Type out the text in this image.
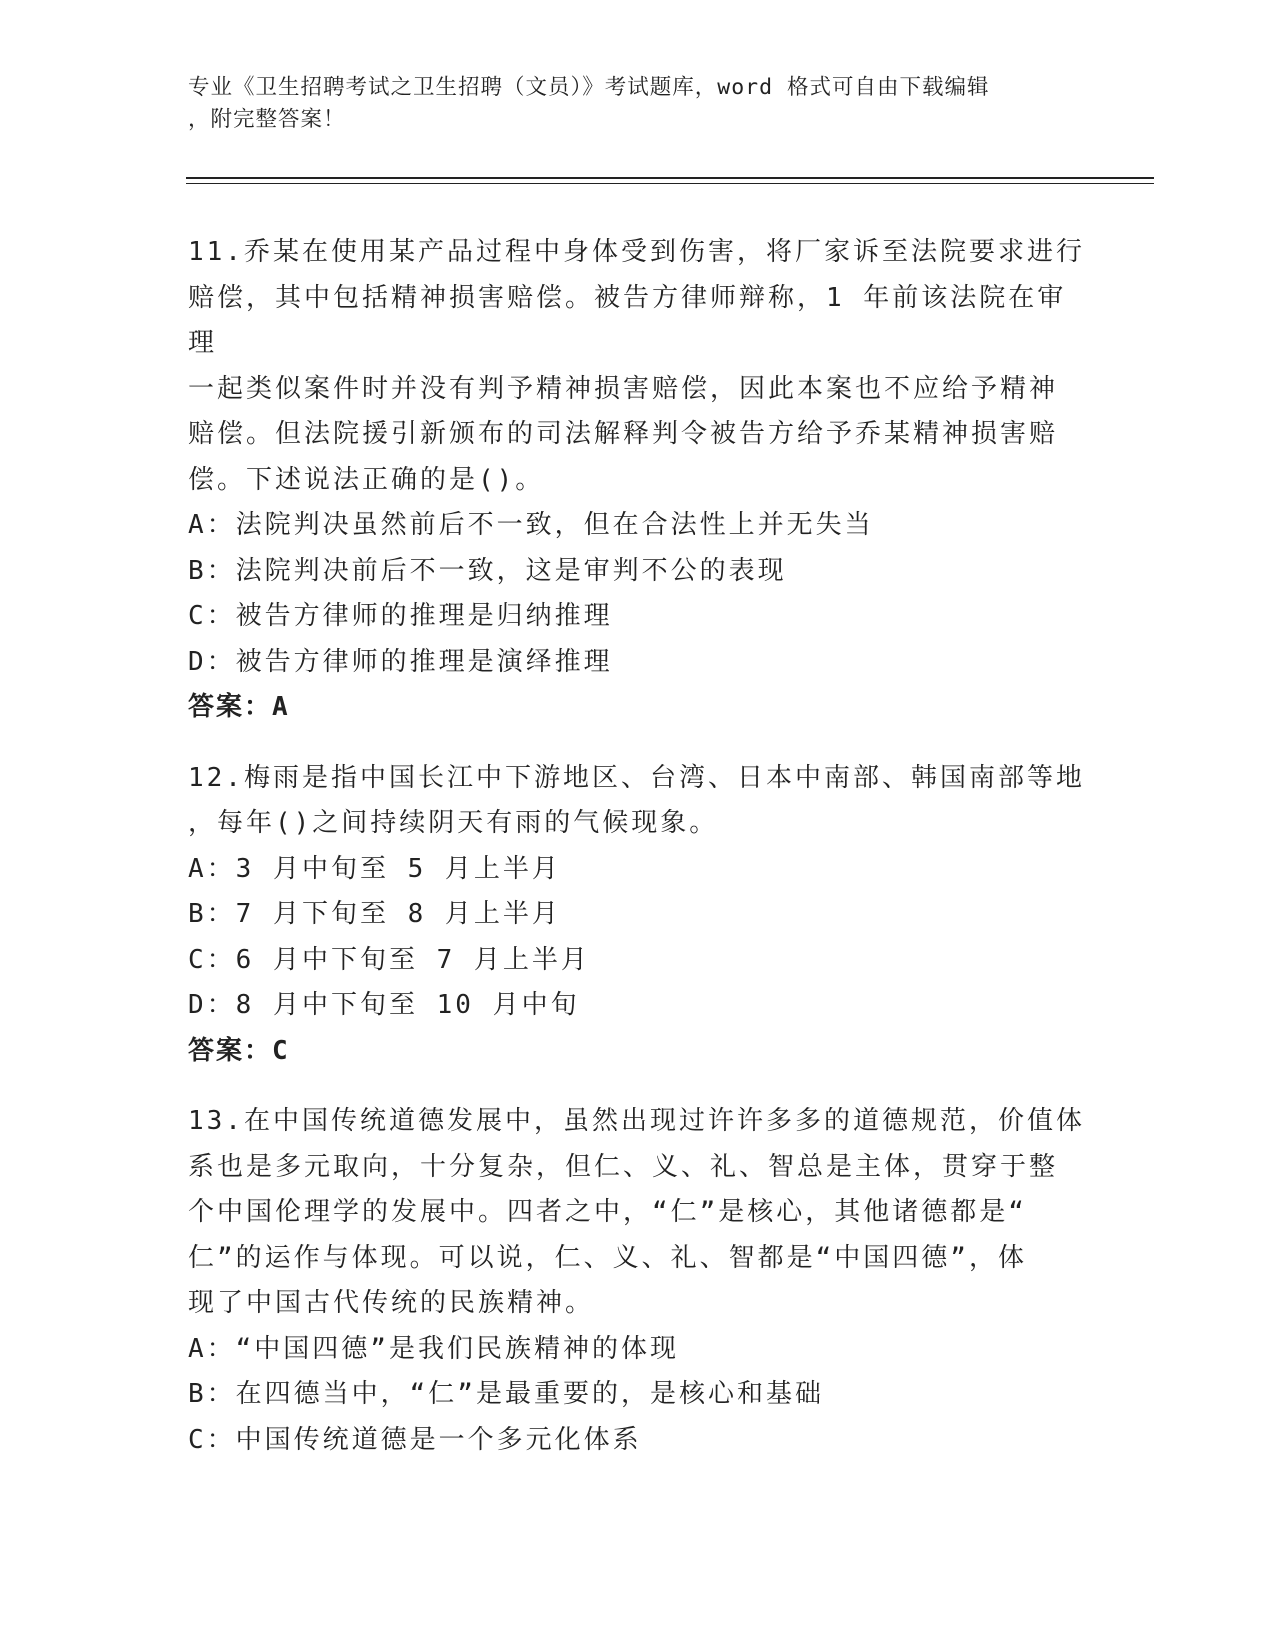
专业《卫生招聘考试之卫生招聘（文员）》考试题库，word 格式可自由下载编辑

，附完整答案！

11.乔某在使用某产品过程中身体受到伤害，将厂家诉至法院要求进行

赔偿，其中包括精神损害赔偿。被告方律师辩称，1 年前该法院在审理

一起类似案件时并没有判予精神损害赔偿，因此本案也不应给予精神

赔偿。但法院援引新颁布的司法解释判令被告方给予乔某精神损害赔

偿。下述说法正确的是()。

A：法院判决虽然前后不一致，但在合法性上并无失当

B：法院判决前后不一致，这是审判不公的表现

C：被告方律师的推理是归纳推理

D：被告方律师的推理是演绎推理

答案：A

12.梅雨是指中国长江中下游地区、台湾、日本中南部、韩国南部等地

，每年()之间持续阴天有雨的气候现象。

A：3 月中旬至 5 月上半月

B：7 月下旬至 8 月上半月

C：6 月中下旬至 7 月上半月

D：8 月中下旬至 10 月中旬

答案：C

13.在中国传统道德发展中，虽然出现过许许多多的道德规范，价值体

系也是多元取向，十分复杂，但仁、义、礼、智总是主体，贯穿于整

个中国伦理学的发展中。四者之中，“仁”是核心，其他诸德都是“

仁”的运作与体现。可以说，仁、义、礼、智都是“中国四德”，体

现了中国古代传统的民族精神。

A：“中国四德”是我们民族精神的体现

B：在四德当中，“仁”是最重要的，是核心和基础

C：中国传统道德是一个多元化体系
